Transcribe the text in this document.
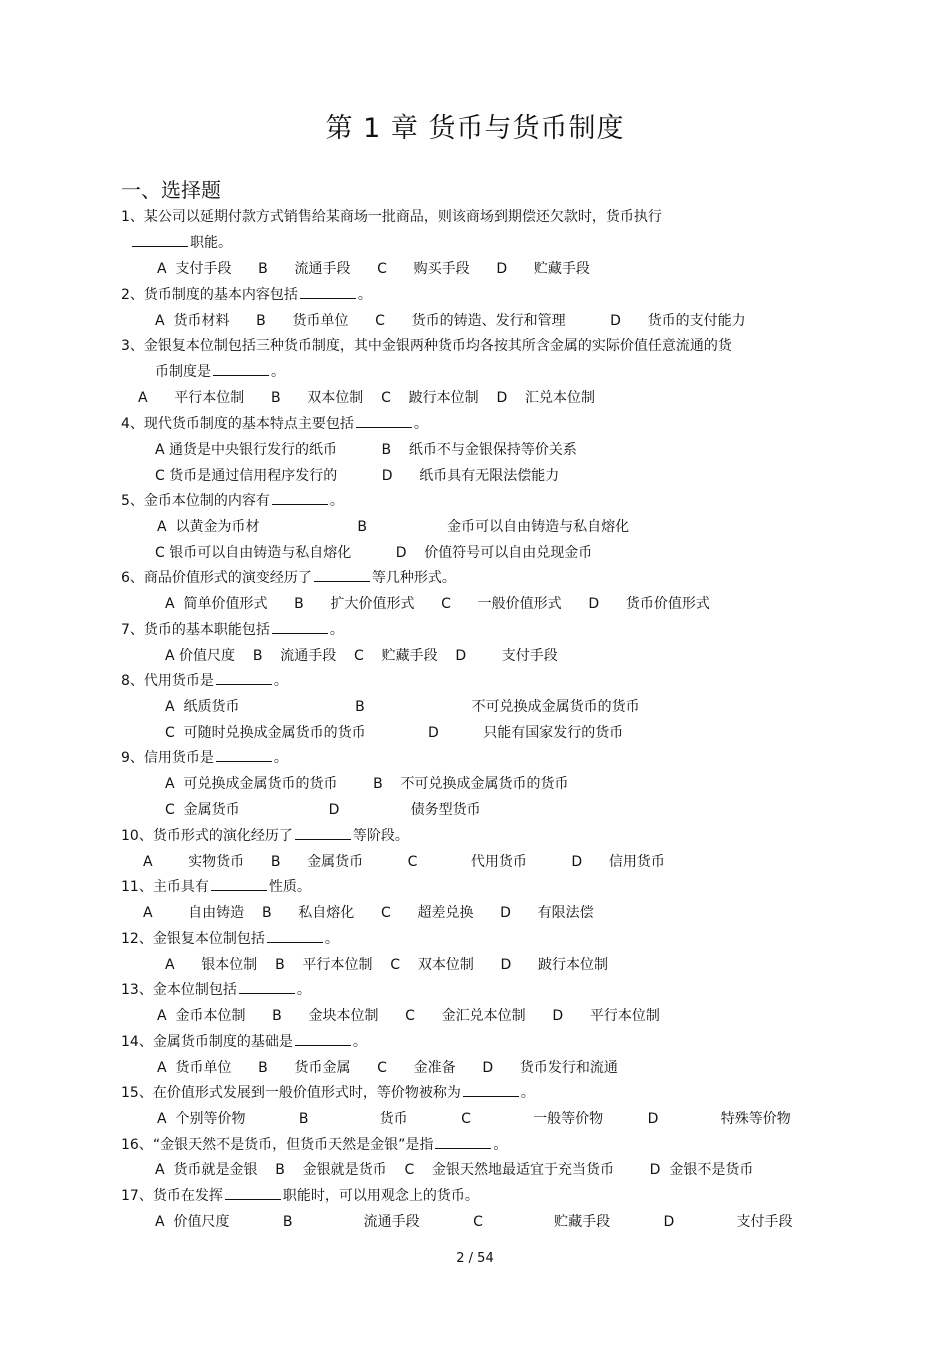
第 1 章 货币与货币制度
一、选择题
1、某公司以延期付款方式销售给某商场一批商品，则该商场到期偿还欠款时，货币执行
职能。
A  支付手段      B      流通手段      C      购买手段      D      贮藏手段
2、货币制度的基本内容包括	。
A  货币材料      B      货币单位      C      货币的铸造、发行和管理          D      货币的支付能力
3、金银复本位制包括三种货币制度，其中金银两种货币均各按其所含金属的实际价值任意流通的货
币制度是	。
A      平行本位制      B      双本位制    C    跛行本位制    D    汇兑本位制
4、现代货币制度的基本特点主要包括	。
A 通货是中央银行发行的纸币          B    纸币不与金银保持等价关系
C 货币是通过信用程序发行的          D      纸币具有无限法偿能力
5、金币本位制的内容有	。
A  以黄金为币材                      B                  金币可以自由铸造与私自熔化
C 银币可以自由铸造与私自熔化          D    价值符号可以自由兑现金币
6、商品价值形式的演变经历了	等几种形式。
A  简单价值形式      B      扩大价值形式      C      一般价值形式      D      货币价值形式
7、货币的基本职能包括	。
A 价值尺度    B    流通手段    C    贮藏手段    D        支付手段
8、代用货币是	。
A  纸质货币                          B                        不可兑换成金属货币的货币
C  可随时兑换成金属货币的货币              D          只能有国家发行的货币
9、信用货币是	。
A  可兑换成金属货币的货币        B    不可兑换成金属货币的货币
C  金属货币                    D                债务型货币
10、货币形式的演化经历了	等阶段。
A        实物货币      B      金属货币          C            代用货币          D      信用货币
11、主币具有	性质。
A        自由铸造    B      私自熔化      C      超差兑换      D      有限法偿
12、金银复本位制包括	。
A      银本位制    B    平行本位制    C    双本位制      D      跛行本位制
13、金本位制包括	。
A  金币本位制      B      金块本位制      C      金汇兑本位制      D      平行本位制
14、金属货币制度的基础是	。
A  货币单位      B      货币金属      C      金准备      D      货币发行和流通
15、在价值形式发展到一般价值形式时，等价物被称为	。
A  个别等价物            B                货币            C              一般等价物          D              特殊等价物
16、“金银天然不是货币，但货币天然是金银”是指	。
A  货币就是金银    B    金银就是货币    C    金银天然地最适宜于充当货币        D  金银不是货币
17、货币在发挥	职能时，可以用观念上的货币。
A  价值尺度            B                流通手段            C                贮藏手段            D              支付手段
2 / 54
